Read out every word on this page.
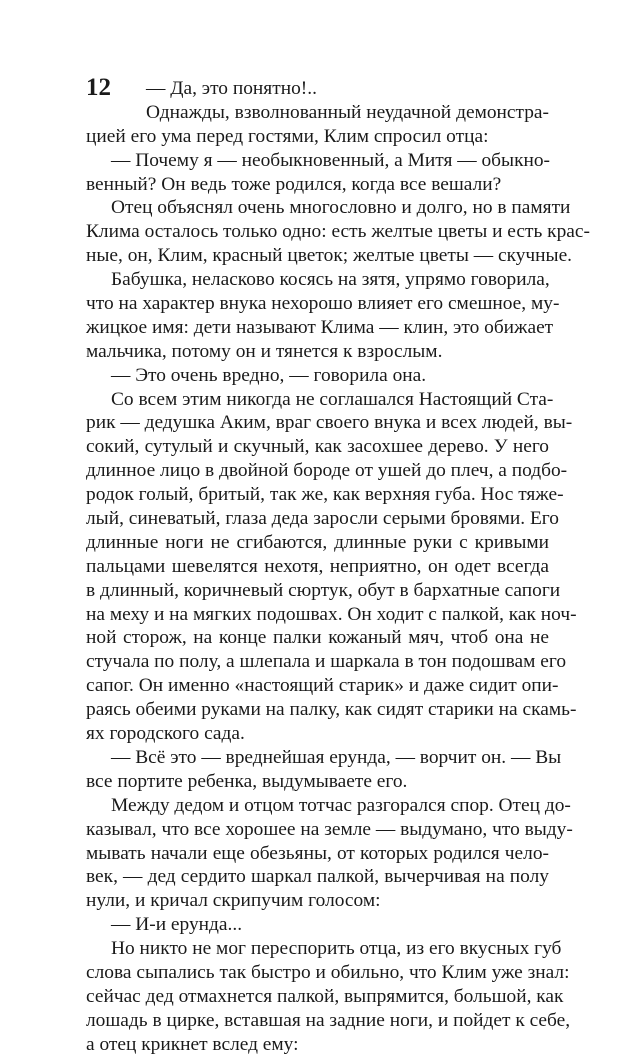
12	— Да, это понятно!..
Однажды, взволнованный неудачной демонстра-
цией его ума перед гостями, Клим спросил отца:
— Почему я — необыкновенный, а Митя — обыкно-
венный? Он ведь тоже родился, когда все вешали?
Отец объяснял очень многословно и долго, но в памяти
Клима осталось только одно: есть желтые цветы и есть крас-
ные, он, Клим, красный цветок; желтые цветы — скучные.
Бабушка, неласково косясь на зятя, упрямо говорила,
что на характер внука нехорошо влияет его смешное, му-
жицкое имя: дети называют Клима — клин, это обижает
мальчика, потому он и тянется к взрослым.
— Это очень вредно, — говорила она.
Со всем этим никогда не соглашался Настоящий Ста-
рик — дедушка Аким, враг своего внука и всех людей, вы-
сокий, сутулый и скучный, как засохшее дерево. У него
длинное лицо в двойной бороде от ушей до плеч, а подбо-
родок голый, бритый, так же, как верхняя губа. Нос тяже-
лый, синеватый, глаза деда заросли серыми бровями. Его
длинные ноги не сгибаются, длинные руки с кривыми
пальцами шевелятся нехотя, неприятно, он одет всегда
в длинный, коричневый сюртук, обут в бархатные сапоги
на меху и на мягких подошвах. Он ходит с палкой, как ноч-
ной сторож, на конце палки кожаный мяч, чтоб она не
стучала по полу, а шлепала и шаркала в тон подошвам его
сапог. Он именно «настоящий старик» и даже сидит опи-
раясь обеими руками на палку, как сидят старики на скамь-
ях городского сада.
— Всё это — вреднейшая ерунда, — ворчит он. — Вы
все портите ребенка, выдумываете его.
Между дедом и отцом тотчас разгорался спор. Отец до-
казывал, что все хорошее на земле — выдумано, что выду-
мывать начали еще обезьяны, от которых родился чело-
век, — дед сердито шаркал палкой, вычерчивая на полу
нули, и кричал скрипучим голосом:
— И-и ерунда...
Но никто не мог переспорить отца, из его вкусных губ
слова сыпались так быстро и обильно, что Клим уже знал:
сейчас дед отмахнется палкой, выпрямится, большой, как
лошадь в цирке, вставшая на задние ноги, и пойдет к себе,
а отец крикнет вслед ему:
